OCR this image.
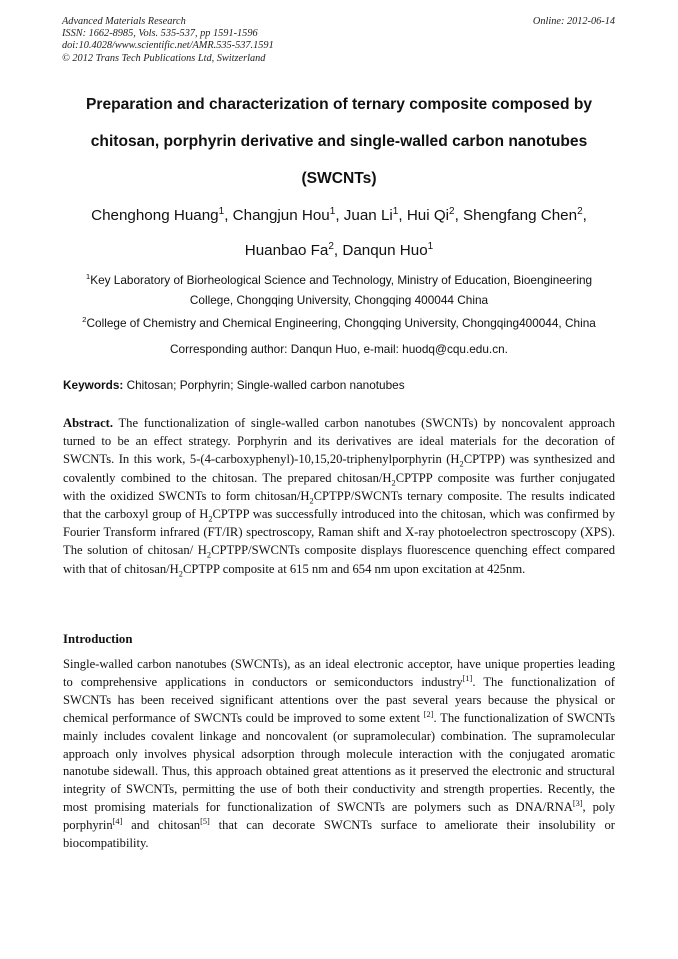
Advanced Materials Research
ISSN: 1662-8985, Vols. 535-537, pp 1591-1596
doi:10.4028/www.scientific.net/AMR.535-537.1591
© 2012 Trans Tech Publications Ltd, Switzerland
Online: 2012-06-14
Preparation and characterization of ternary composite composed by
chitosan, porphyrin derivative and single-walled carbon nanotubes
(SWCNTs)
Chenghong Huang$^1$, Changjun Hou$^1$, Juan Li$^1$, Hui Qi$^2$, Shengfang Chen$^2$,
Huanbao Fa$^2$, Danqun Huo$^1$
$^1$Key Laboratory of Biorheological Science and Technology, Ministry of Education, Bioengineering
College, Chongqing University, Chongqing 400044 China
$^2$College of Chemistry and Chemical Engineering, Chongqing University, Chongqing400044, China
Corresponding author: Danqun Huo, e-mail: huodq@cqu.edu.cn.
Keywords: Chitosan; Porphyrin; Single-walled carbon nanotubes
Abstract. The functionalization of single-walled carbon nanotubes (SWCNTs) by noncovalent approach turned to be an effect strategy. Porphyrin and its derivatives are ideal materials for the decoration of SWCNTs. In this work, 5-(4-carboxyphenyl)-10,15,20-triphenylporphyrin $(H_2CPTPP)$ was synthesized and covalently combined to the chitosan. The prepared chitosan/$H_2CPTPP$ composite was further conjugated with the oxidized SWCNTs to form chitosan/$H_2CPTPP$/SWCNTs ternary composite. The results indicated that the carboxyl group of $H_2CPTPP$ was successfully introduced into the chitosan, which was confirmed by Fourier Transform infrared (FT/IR) spectroscopy, Raman shift and X-ray photoelectron spectroscopy (XPS). The solution of chitosan/ $H_2CPTPP$/SWCNTs composite displays fluorescence quenching effect compared with that of chitosan/$H_2CPTPP$ composite at 615 nm and 654 nm upon excitation at 425nm.
Introduction
Single-walled carbon nanotubes (SWCNTs), as an ideal electronic acceptor, have unique properties leading to comprehensive applications in conductors or semiconductors industry[1]. The functionalization of SWCNTs has been received significant attentions over the past several years because the physical or chemical performance of SWCNTs could be improved to some extent [2]. The functionalization of SWCNTs mainly includes covalent linkage and noncovalent (or supramolecular) combination. The supramolecular approach only involves physical adsorption through molecule interaction with the conjugated aromatic nanotube sidewall. Thus, this approach obtained great attentions as it preserved the electronic and structural integrity of SWCNTs, permitting the use of both their conductivity and strength properties. Recently, the most promising materials for functionalization of SWCNTs are polymers such as DNA/RNA[3], poly porphyrin[4] and chitosan[5] that can decorate SWCNTs surface to ameliorate their insolubility or biocompatibility.
